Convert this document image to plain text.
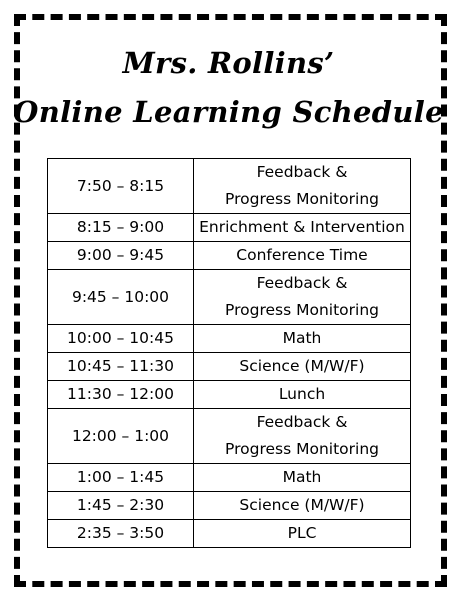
Mrs. Rollins’
Online Learning Schedule
7:50 – 8:15	Feedback &
Progress Monitoring

8:15 – 9:00	Enrichment & Intervention

9:00 – 9:45	Conference Time

9:45 – 10:00	Feedback &
Progress Monitoring

10:00 – 10:45	Math

10:45 – 11:30	Science (M/W/F)

11:30 – 12:00	Lunch

12:00 – 1:00	Feedback &
Progress Monitoring

1:00 – 1:45	Math

1:45 – 2:30	Science (M/W/F)

2:35 – 3:50	PLC
